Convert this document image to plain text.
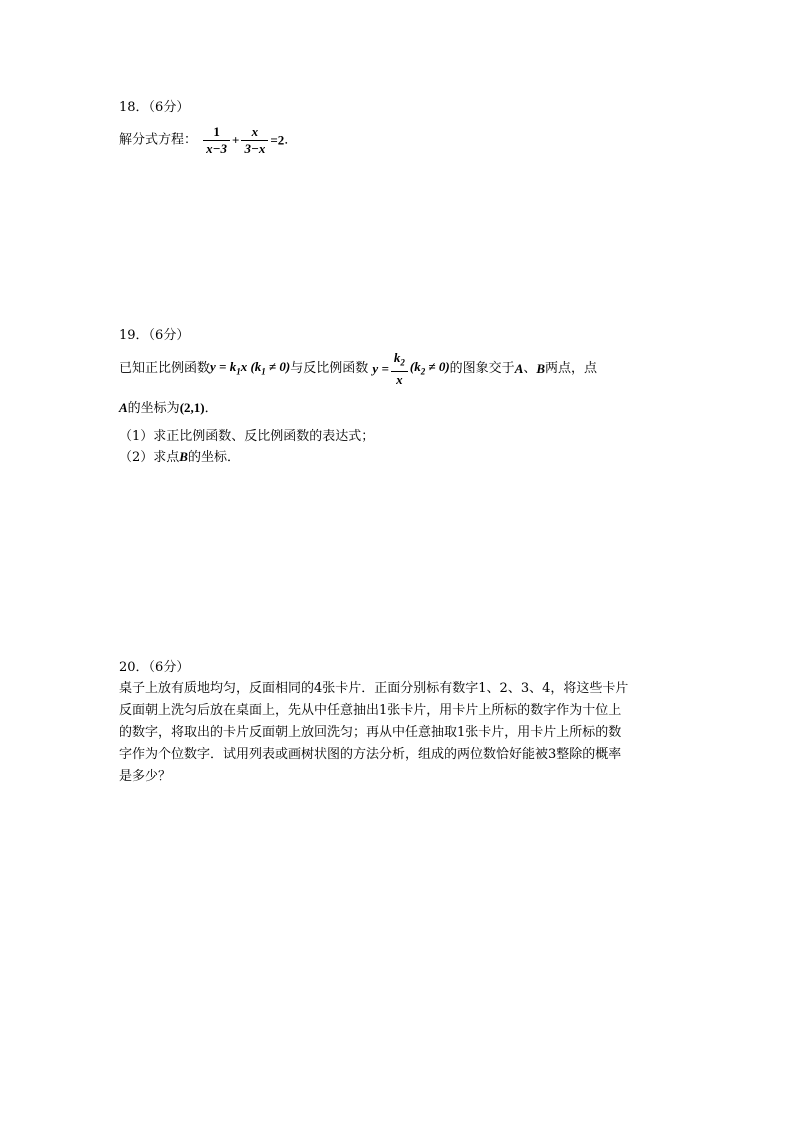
18．（6分）
解分式方程： $\frac{1}{x-3} + \frac{x}{3-x} =2$．
19．（6分）
已知正比例函数$y = k_1x$ $(k_1 \ne 0)$与反比例函数 $y = \frac{k_2}{x} (k_2 \ne 0)$的图象交于A、B两点，点
A的坐标为(2,1)．
（1）求正比例函数、反比例函数的表达式；
（2）求点B的坐标．
20．（6分）
桌子上放有质地均匀，反面相同的4张卡片．正面分别标有数字1、2、3、4，将这些卡片
反面朝上洗匀后放在桌面上，先从中任意抽出1张卡片，用卡片上所标的数字作为十位上
的数字，将取出的卡片反面朝上放回洗匀；再从中任意抽取1张卡片，用卡片上所标的数
字作为个位数字．试用列表或画树状图的方法分析，组成的两位数恰好能被3整除的概率
是多少？
